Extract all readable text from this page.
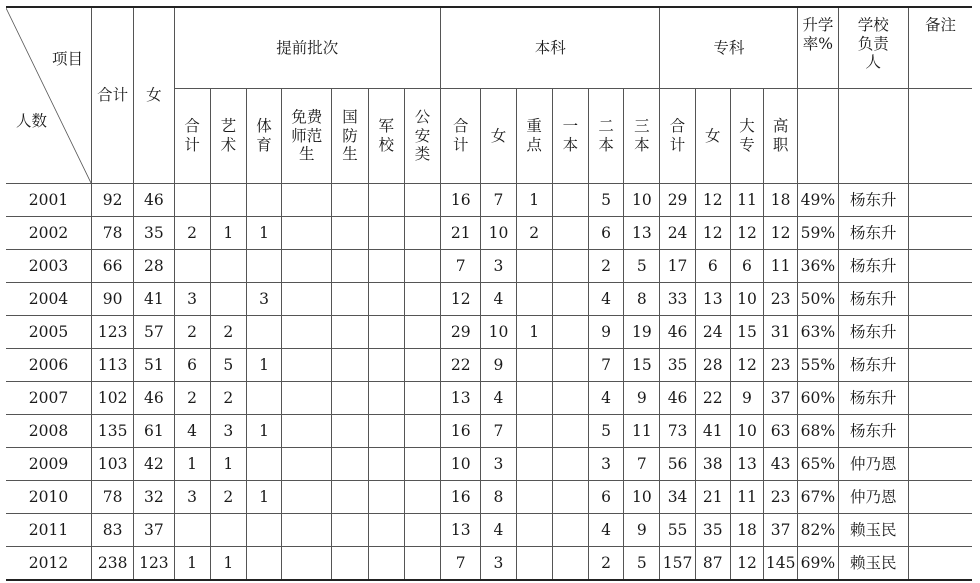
项目
人数	合计	女	提前批次							本科						专科				升学率%	学校负责人	备注
			合计	艺术	体育	免费师范生	国防生	军校	公安类	合计	女	重点	一本	二本	三本	合计	女	大专	高职			
2001	92	46								16	7	1		5	10	29	12	11	18	49%	杨东升	
2002	78	35	2	1	1					21	10	2		6	13	24	12	12	12	59%	杨东升	
2003	66	28								7	3			2	5	17	6	6	11	36%	杨东升	
2004	90	41	3		3					12	4			4	8	33	13	10	23	50%	杨东升	
2005	123	57	2	2						29	10	1		9	19	46	24	15	31	63%	杨东升	
2006	113	51	6	5	1					22	9			7	15	35	28	12	23	55%	杨东升	
2007	102	46	2	2						13	4			4	9	46	22	9	37	60%	杨东升	
2008	135	61	4	3	1					16	7			5	11	73	41	10	63	68%	杨东升	
2009	103	42	1	1						10	3			3	7	56	38	13	43	65%	仲乃恩	
2010	78	32	3	2	1					16	8			6	10	34	21	11	23	67%	仲乃恩	
2011	83	37								13	4			4	9	55	35	18	37	82%	赖玉民	
2012	238	123	1	1						7	3			2	5	157	87	12	145	69%	赖玉民	
